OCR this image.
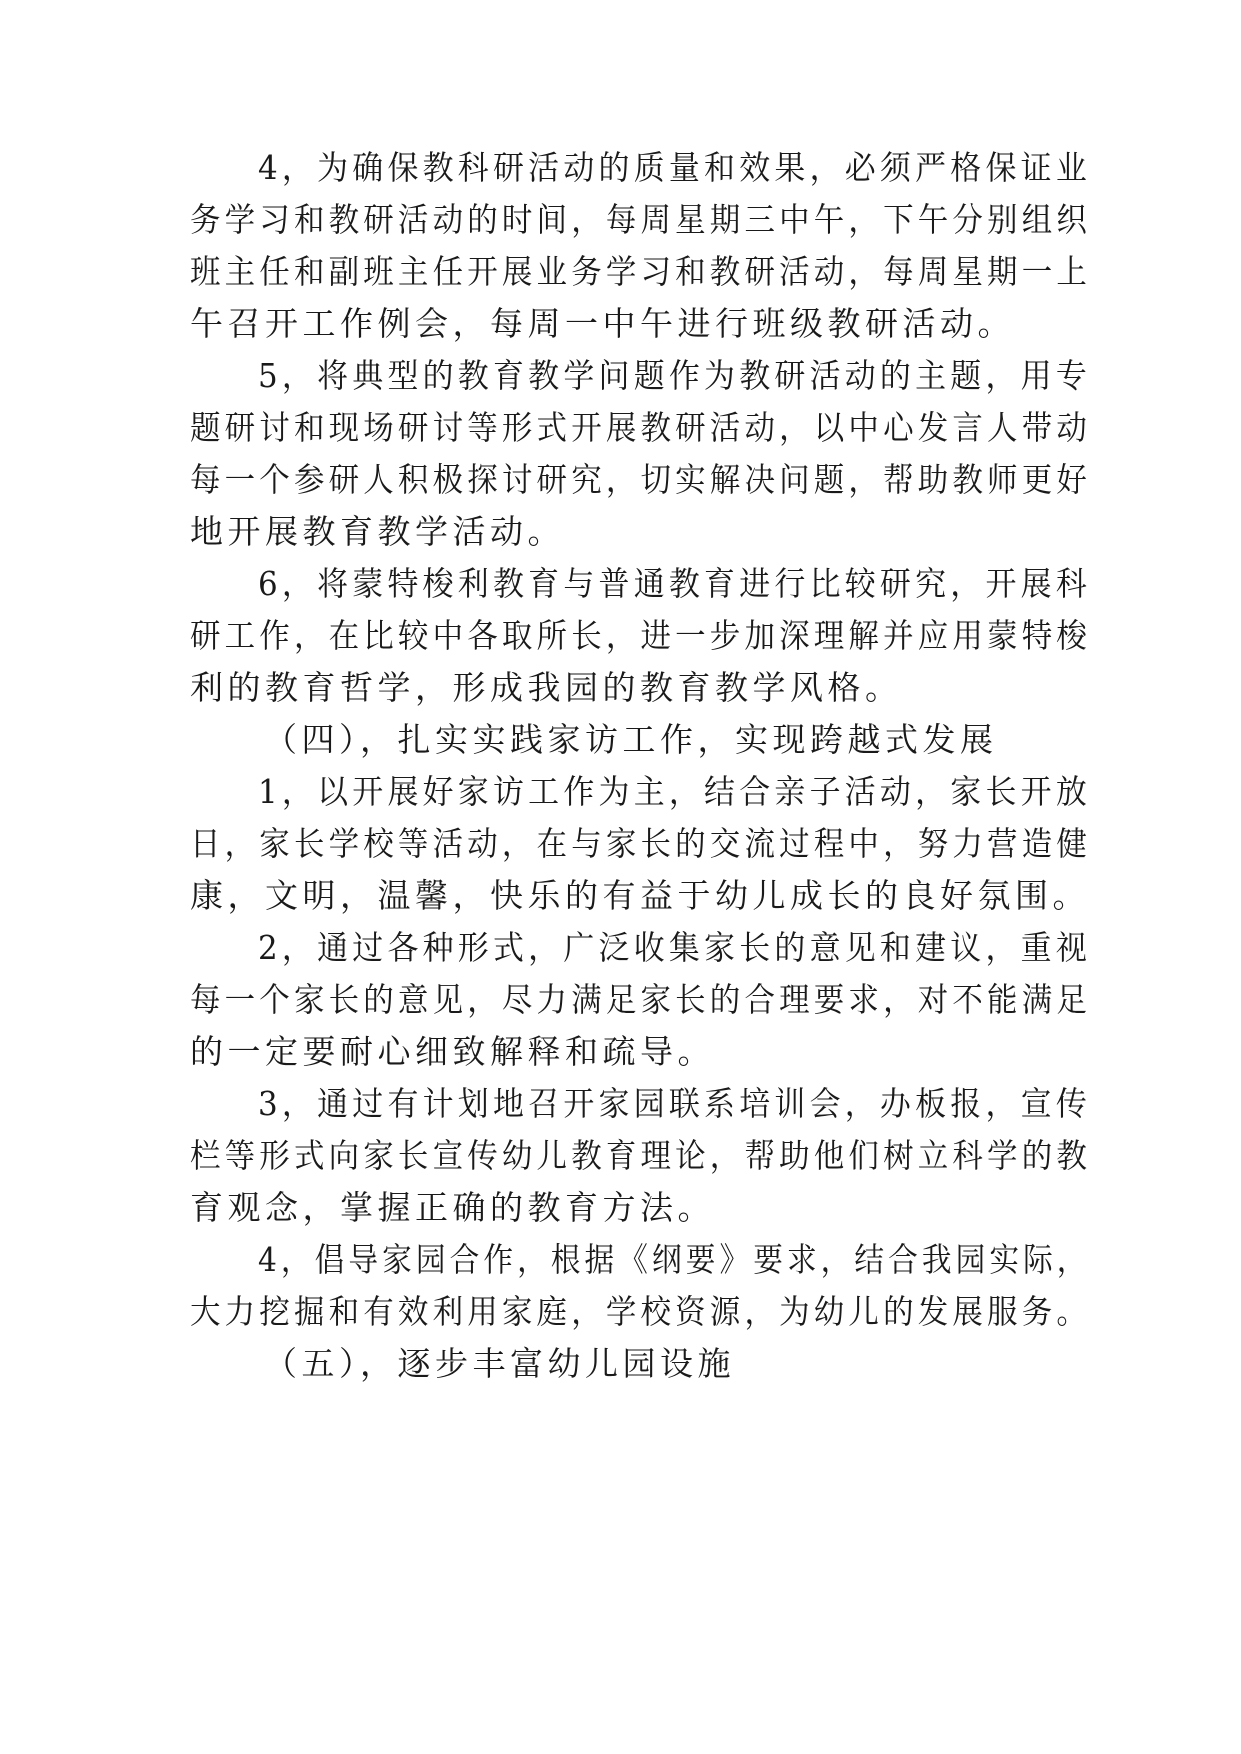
4，为确保教科研活动的质量和效果，必须严格保证业

务学习和教研活动的时间，每周星期三中午，下午分别组织

班主任和副班主任开展业务学习和教研活动，每周星期一上

午召开工作例会，每周一中午进行班级教研活动。

5，将典型的教育教学问题作为教研活动的主题，用专

题研讨和现场研讨等形式开展教研活动，以中心发言人带动

每一个参研人积极探讨研究，切实解决问题，帮助教师更好

地开展教育教学活动。

6，将蒙特梭利教育与普通教育进行比较研究，开展科

研工作，在比较中各取所长，进一步加深理解并应用蒙特梭

利的教育哲学，形成我园的教育教学风格。

（四），扎实实践家访工作，实现跨越式发展

1，以开展好家访工作为主，结合亲子活动，家长开放

日，家长学校等活动，在与家长的交流过程中，努力营造健

康，文明，温馨，快乐的有益于幼儿成长的良好氛围。

2，通过各种形式，广泛收集家长的意见和建议，重视

每一个家长的意见，尽力满足家长的合理要求，对不能满足

的一定要耐心细致解释和疏导。

3，通过有计划地召开家园联系培训会，办板报，宣传

栏等形式向家长宣传幼儿教育理论，帮助他们树立科学的教

育观念，掌握正确的教育方法。

4，倡导家园合作，根据《纲要》要求，结合我园实际，

大力挖掘和有效利用家庭，学校资源，为幼儿的发展服务。

（五），逐步丰富幼儿园设施
